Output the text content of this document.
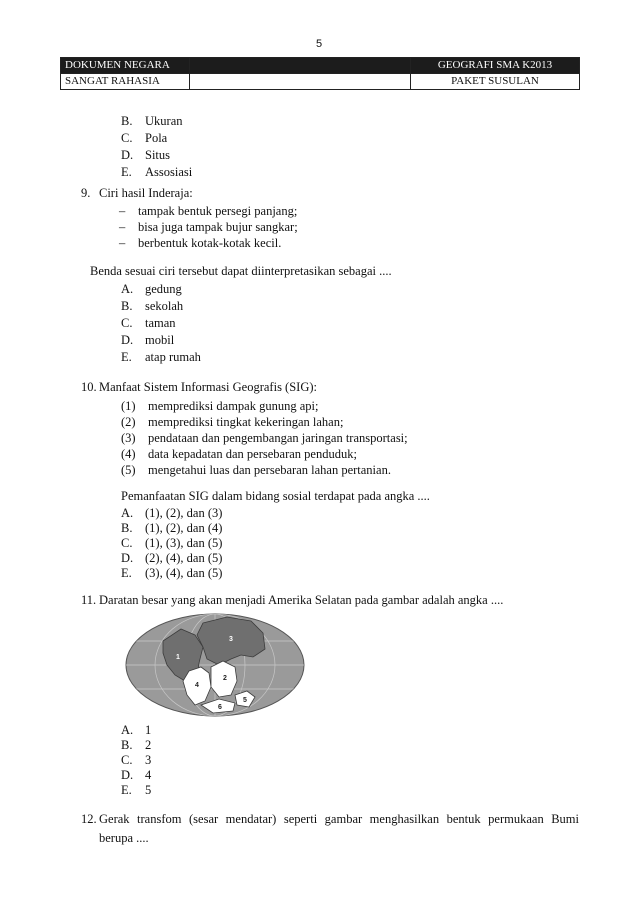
5
DOKUMEN NEGARA		GEOGRAFI SMA K2013
SANGAT RAHASIA		PAKET SUSULAN
B. Ukuran
C. Pola
D. Situs
E. Assosiasi
9. Ciri hasil Inderaja:
– tampak bentuk persegi panjang;
– bisa juga tampak bujur sangkar;
– berbentuk kotak-kotak kecil.
Benda sesuai ciri tersebut dapat diinterpretasikan sebagai ....
A. gedung
B. sekolah
C. taman
D. mobil
E. atap rumah
10. Manfaat Sistem Informasi Geografis (SIG):
(1) memprediksi dampak gunung api;
(2) memprediksi tingkat kekeringan lahan;
(3) pendataan dan pengembangan jaringan transportasi;
(4) data kepadatan dan persebaran penduduk;
(5) mengetahui luas dan persebaran lahan pertanian.
Pemanfaatan SIG dalam bidang sosial terdapat pada angka ....
A. (1), (2), dan (3)
B. (1), (2), dan (4)
C. (1), (3), dan (5)
D. (2), (4), dan (5)
E. (3), (4), dan (5)
11. Daratan besar yang akan menjadi Amerika Selatan pada gambar adalah angka ....
1
2
3
4
5
6
A. 1
B. 2
C. 3
D. 4
E. 5
12. Gerak transfom (sesar mendatar) seperti gambar menghasilkan bentuk permukaan Bumi
berupa ....
